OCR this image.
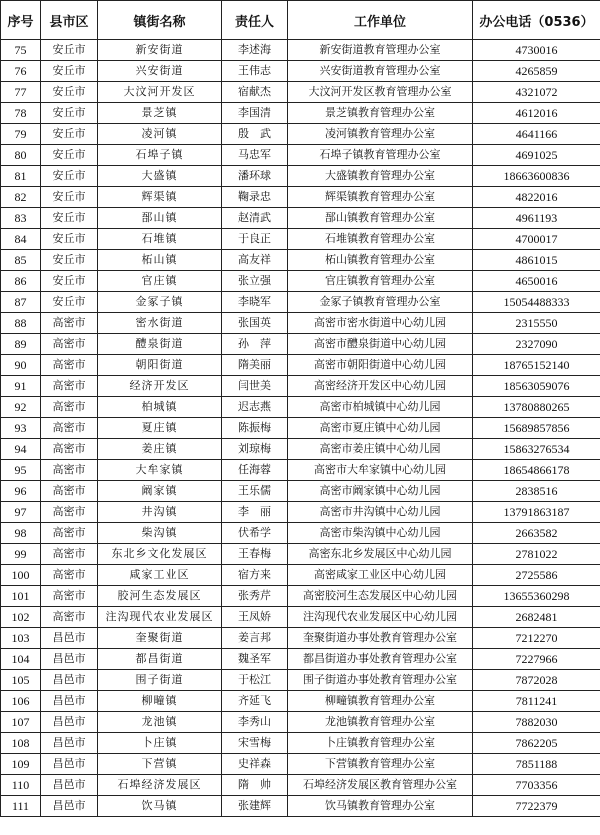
序号	县市区	镇街名称	责任人	工作单位	办公电话（0536）
75	安丘市	新安街道	李述海	新安街道教育管理办公室	4730016
76	安丘市	兴安街道	王伟志	兴安街道教育管理办公室	4265859
77	安丘市	大汶河开发区	宿献杰	大汶河开发区教育管理办公室	4321072
78	安丘市	景芝镇	李国清	景芝镇教育管理办公室	4612016
79	安丘市	凌河镇	殷　武	凌河镇教育管理办公室	4641166
80	安丘市	石埠子镇	马忠军	石埠子镇教育管理办公室	4691025
81	安丘市	大盛镇	潘环球	大盛镇教育管理办公室	18663600836
82	安丘市	辉渠镇	鞠录忠	辉渠镇教育管理办公室	4822016
83	安丘市	郚山镇	赵清武	郚山镇教育管理办公室	4961193
84	安丘市	石堆镇	于良正	石堆镇教育管理办公室	4700017
85	安丘市	柘山镇	高友祥	柘山镇教育管理办公室	4861015
86	安丘市	官庄镇	张立强	官庄镇教育管理办公室	4650016
87	安丘市	金冢子镇	李晓军	金冢子镇教育管理办公室	15054488333
88	高密市	密水街道	张国英	高密市密水街道中心幼儿园	2315550
89	高密市	醴泉街道	孙　萍	高密市醴泉街道中心幼儿园	2327090
90	高密市	朝阳街道	隋美丽	高密市朝阳街道中心幼儿园	18765152140
91	高密市	经济开发区	闫世美	高密经济开发区中心幼儿园	18563059076
92	高密市	柏城镇	迟志燕	高密市柏城镇中心幼儿园	13780880265
93	高密市	夏庄镇	陈振梅	高密市夏庄镇中心幼儿园	15689857856
94	高密市	姜庄镇	刘琼梅	高密市姜庄镇中心幼儿园	15863276534
95	高密市	大牟家镇	任海蓉	高密市大牟家镇中心幼儿园	18654866178
96	高密市	阚家镇	王乐儒	高密市阚家镇中心幼儿园	2838516
97	高密市	井沟镇	李　丽	高密市井沟镇中心幼儿园	13791863187
98	高密市	柴沟镇	伏希学	高密市柴沟镇中心幼儿园	2663582
99	高密市	东北乡文化发展区	王春梅	高密东北乡发展区中心幼儿园	2781022
100	高密市	咸家工业区	宿方来	高密咸家工业区中心幼儿园	2725586
101	高密市	胶河生态发展区	张秀芹	高密胶河生态发展区中心幼儿园	13655360298
102	高密市	注沟现代农业发展区	王凤娇	注沟现代农业发展区中心幼儿园	2682481
103	昌邑市	奎聚街道	姜言邦	奎聚街道办事处教育管理办公室	7212270
104	昌邑市	都昌街道	魏圣军	都昌街道办事处教育管理办公室	7227966
105	昌邑市	围子街道	于松江	围子街道办事处教育管理办公室	7872028
106	昌邑市	柳疃镇	齐延飞	柳疃镇教育管理办公室	7811241
107	昌邑市	龙池镇	李秀山	龙池镇教育管理办公室	7882030
108	昌邑市	卜庄镇	宋雪梅	卜庄镇教育管理办公室	7862205
109	昌邑市	下营镇	史祥森	下营镇教育管理办公室	7851188
110	昌邑市	石埠经济发展区	隋　帅	石埠经济发展区教育管理办公室	7703356
111	昌邑市	饮马镇	张建辉	饮马镇教育管理办公室	7722379
